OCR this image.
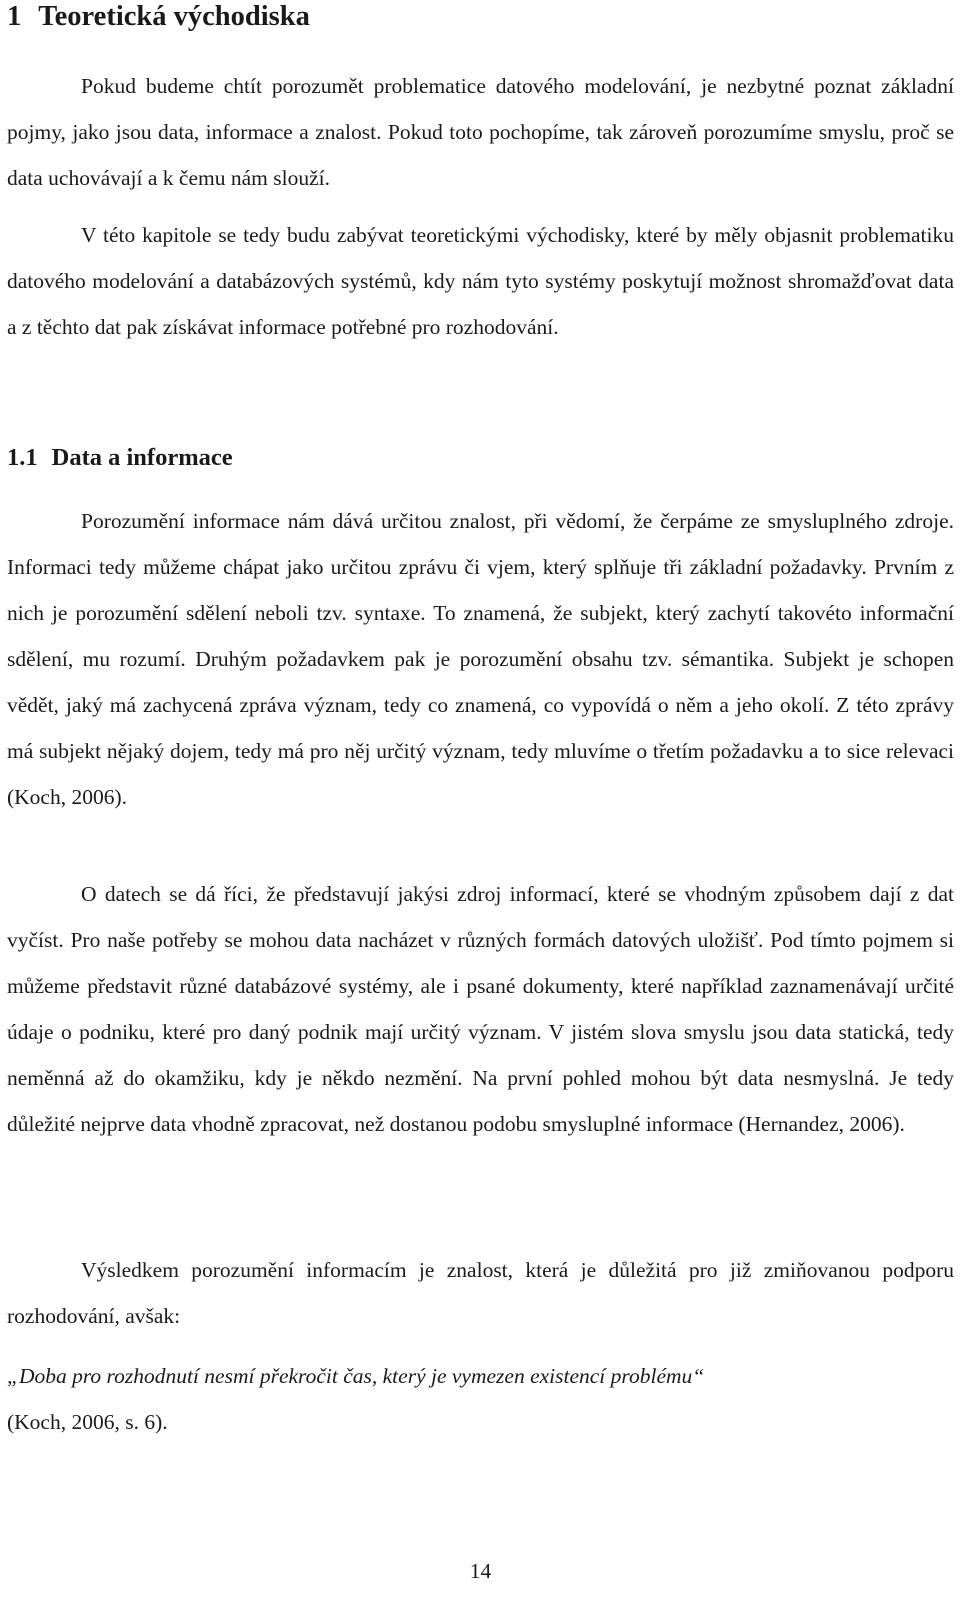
1 Teoretická východiska

Pokud budeme chtít porozumět problematice datového modelování, je nezbytné poznat základní pojmy, jako jsou data, informace a znalost. Pokud toto pochopíme, tak zároveň porozumíme smyslu, proč se data uchovávají a k čemu nám slouží.

V této kapitole se tedy budu zabývat teoretickými východisky, které by měly objasnit problematiku datového modelování a databázových systémů, kdy nám tyto systémy poskytují možnost shromažďovat data a z těchto dat pak získávat informace potřebné pro rozhodování.

1.1 Data a informace

Porozumění informace nám dává určitou znalost, při vědomí, že čerpáme ze smysluplného zdroje. Informaci tedy můžeme chápat jako určitou zprávu či vjem, který splňuje tři základní požadavky. Prvním z nich je porozumění sdělení neboli tzv. syntaxe. To znamená, že subjekt, který zachytí takovéto informační sdělení, mu rozumí. Druhým požadavkem pak je porozumění obsahu tzv. sémantika. Subjekt je schopen vědět, jaký má zachycená zpráva význam, tedy co znamená, co vypovídá o něm a jeho okolí. Z této zprávy má subjekt nějaký dojem, tedy má pro něj určitý význam, tedy mluvíme o třetím požadavku a to sice relevaci (Koch, 2006).

O datech se dá říci, že představují jakýsi zdroj informací, které se vhodným způsobem dají z dat vyčíst. Pro naše potřeby se mohou data nacházet v různých formách datových uložišť. Pod tímto pojmem si můžeme představit různé databázové systémy, ale i psané dokumenty, které například zaznamenávají určité údaje o podniku, které pro daný podnik mají určitý význam. V jistém slova smyslu jsou data statická, tedy neměnná až do okamžiku, kdy je někdo nezmění. Na první pohled mohou být data nesmyslná. Je tedy důležité nejprve data vhodně zpracovat, než dostanou podobu smysluplné informace (Hernandez, 2006).

Výsledkem porozumění informacím je znalost, která je důležitá pro již zmiňovanou podporu rozhodování, avšak:

„Doba pro rozhodnutí nesmí překročit čas, který je vymezen existencí problému“
(Koch, 2006, s. 6).

14
